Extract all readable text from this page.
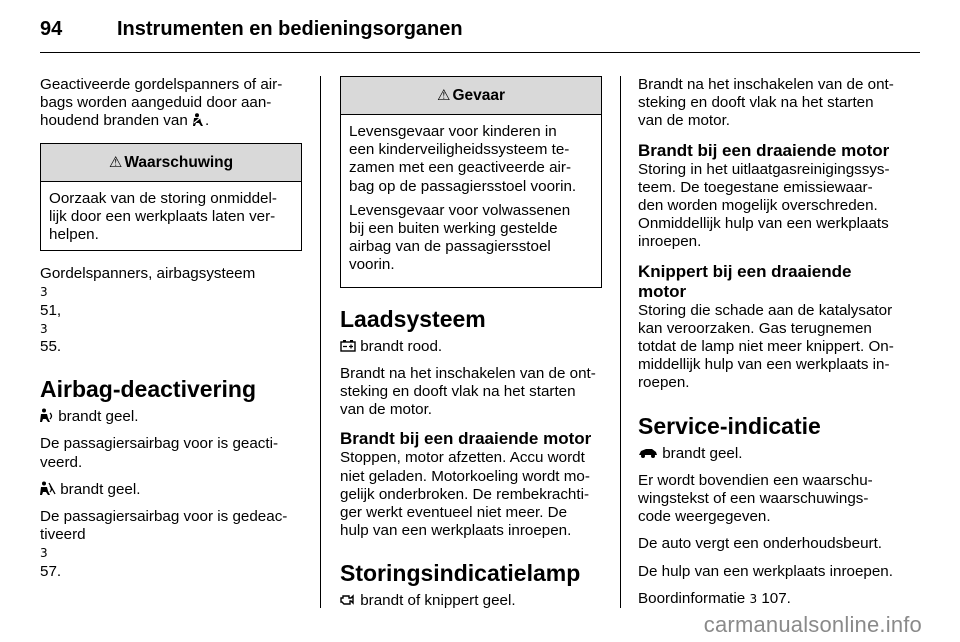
94	Instrumenten en bedieningsorganen

Geactiveerde gordelspanners of air-
bags worden aangeduid door aan-
houdend branden van .

⚠ Waarschuwing
Oorzaak van de storing onmiddel-
lijk door een werkplaats laten ver-
helpen.

Gordelspanners, airbagsysteem
3
51,
3
55.

Airbag-deactivering

brandt geel.

De passagiersairbag voor is geacti-
veerd.

brandt geel.

De passagiersairbag voor is gedeac-
tiveerd
3
57.

⚠ Gevaar

Levensgevaar voor kinderen in
een kinderveiligheidssysteem te-
zamen met een geactiveerde air-
bag op de passagiersstoel voorin.

Levensgevaar voor volwassenen
bij een buiten werking gestelde
airbag van de passagiersstoel
voorin.

Laadsysteem

brandt rood.

Brandt na het inschakelen van de ont-
steking en dooft vlak na het starten
van de motor.

Brandt bij een draaiende motor

Stoppen, motor afzetten. Accu wordt
niet geladen. Motorkoeling wordt mo-
gelijk onderbroken. De rembekrachti-
ger werkt eventueel niet meer. De
hulp van een werkplaats inroepen.

Storingsindicatielamp

brandt of knippert geel.

Brandt na het inschakelen van de ont-
steking en dooft vlak na het starten
van de motor.

Brandt bij een draaiende motor

Storing in het uitlaatgasreinigingssys-
teem. De toegestane emissiewaar-
den worden mogelijk overschreden.
Onmiddellijk hulp van een werkplaats
inroepen.

Knippert bij een draaiende
motor

Storing die schade aan de katalysator
kan veroorzaken. Gas terugnemen
totdat de lamp niet meer knippert. On-
middellijk hulp van een werkplaats in-
roepen.

Service-indicatie

brandt geel.

Er wordt bovendien een waarschu-
wingstekst of een waarschuwings-
code weergegeven.

De auto vergt een onderhoudsbeurt.

De hulp van een werkplaats inroepen.

Boordinformatie 3 107.

carmanualsonline.info
